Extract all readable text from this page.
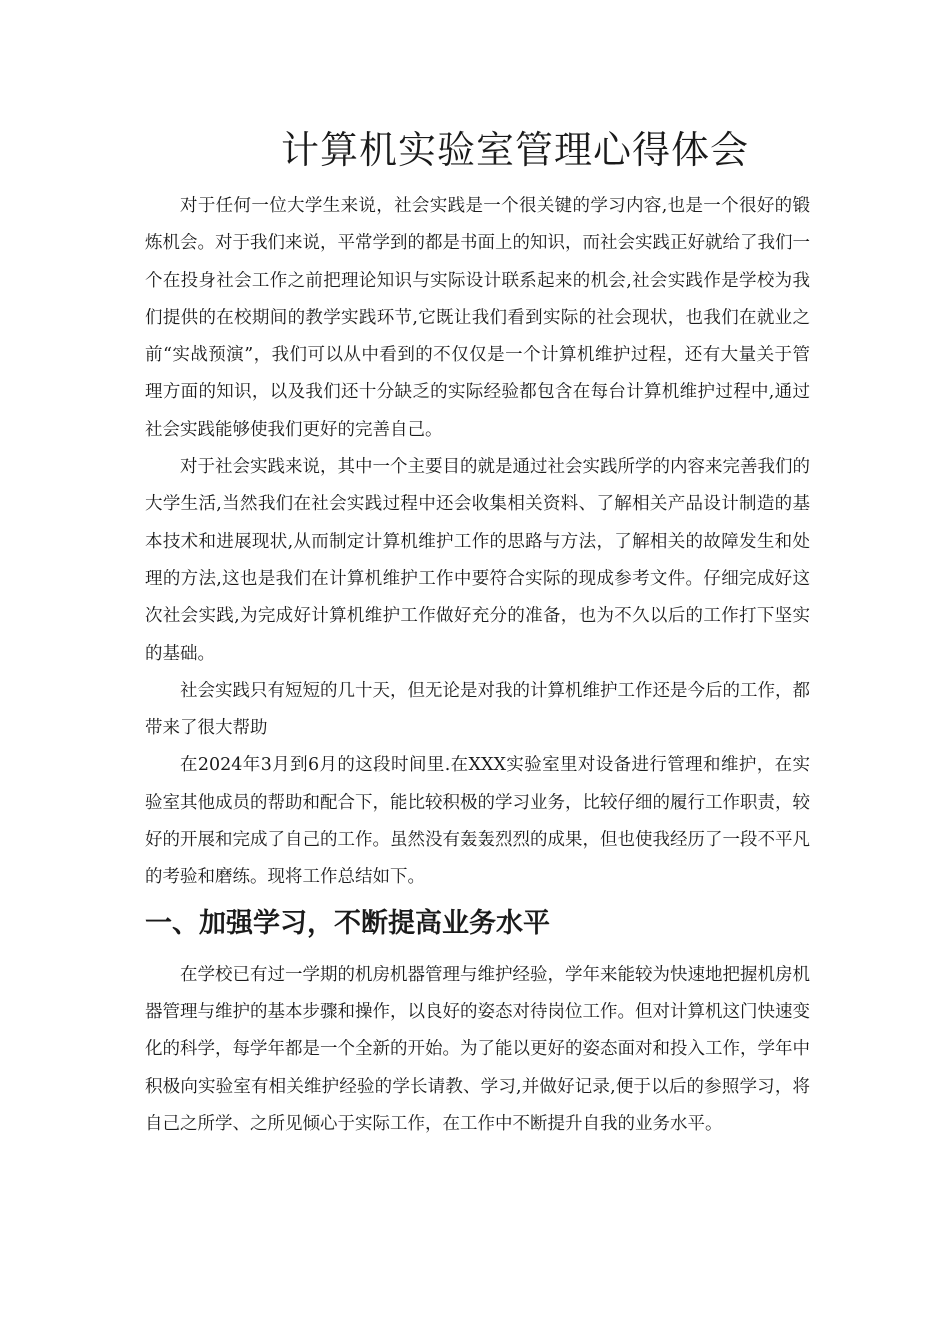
计算机实验室管理心得体会

对于任何一位大学生来说，社会实践是一个很关键的学习内容,也是一个很好的锻炼机会。对于我们来说，平常学到的都是书面上的知识，而社会实践正好就给了我们一个在投身社会工作之前把理论知识与实际设计联系起来的机会,社会实践作是学校为我们提供的在校期间的教学实践环节,它既让我们看到实际的社会现状，也我们在就业之前“实战预演”，我们可以从中看到的不仅仅是一个计算机维护过程，还有大量关于管理方面的知识，以及我们还十分缺乏的实际经验都包含在每台计算机维护过程中,通过社会实践能够使我们更好的完善自己。

对于社会实践来说，其中一个主要目的就是通过社会实践所学的内容来完善我们的大学生活,当然我们在社会实践过程中还会收集相关资料、了解相关产品设计制造的基本技术和进展现状,从而制定计算机维护工作的思路与方法，了解相关的故障发生和处理的方法,这也是我们在计算机维护工作中要符合实际的现成参考文件。仔细完成好这次社会实践,为完成好计算机维护工作做好充分的准备，也为不久以后的工作打下坚实的基础。

社会实践只有短短的几十天，但无论是对我的计算机维护工作还是今后的工作，都带来了很大帮助

在2024年3月到6月的这段时间里.在XXX实验室里对设备进行管理和维护，在实验室其他成员的帮助和配合下，能比较积极的学习业务，比较仔细的履行工作职责，较好的开展和完成了自己的工作。虽然没有轰轰烈烈的成果，但也使我经历了一段不平凡的考验和磨练。现将工作总结如下。

一、加强学习，不断提高业务水平

在学校已有过一学期的机房机器管理与维护经验，学年来能较为快速地把握机房机器管理与维护的基本步骤和操作，以良好的姿态对待岗位工作。但对计算机这门快速变化的科学，每学年都是一个全新的开始。为了能以更好的姿态面对和投入工作，学年中积极向实验室有相关维护经验的学长请教、学习,并做好记录,便于以后的参照学习，将自己之所学、之所见倾心于实际工作，在工作中不断提升自我的业务水平。
